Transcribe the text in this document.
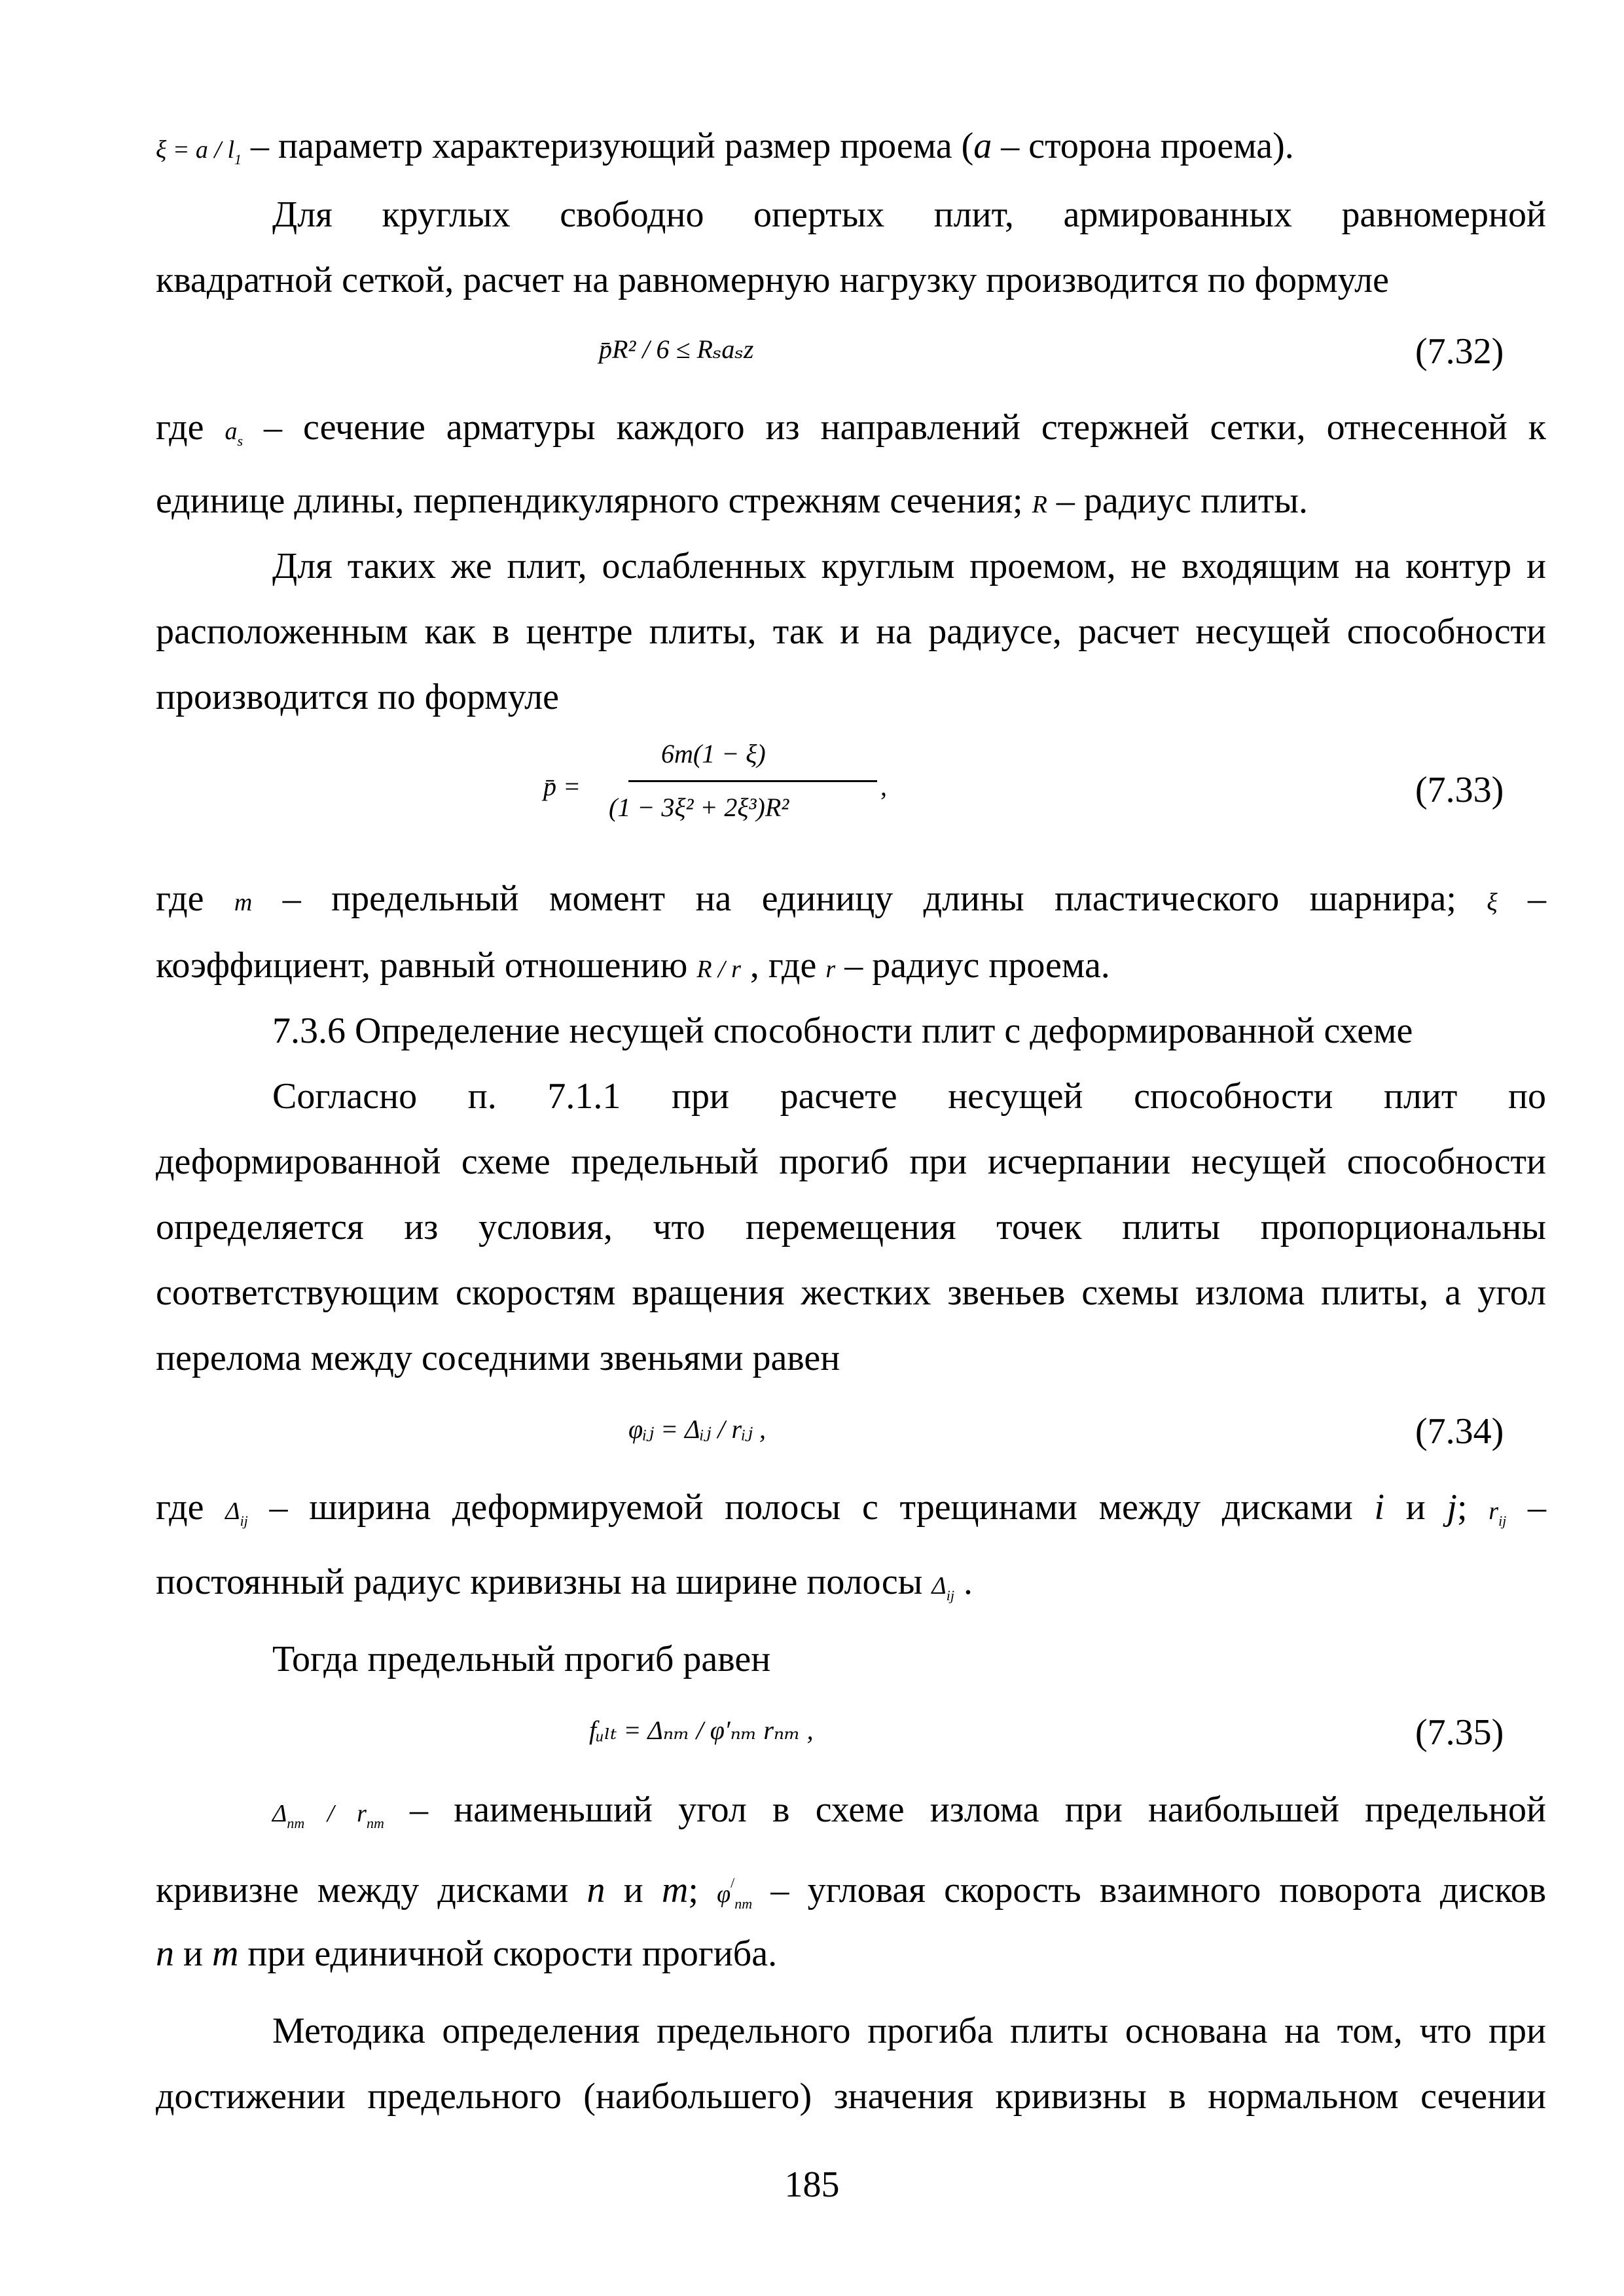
$\xi = a / l_1$ – параметр характеризующий размер проема (a – сторона проема).
Для круглых свободно опертых плит, армированных равномерной
квадратной сеткой, расчет на равномерную нагрузку производится по формуле
p̄R² / 6 ≤ Rₛaₛz	(7.32)
где $a_s$ – сечение арматуры каждого из направлений стержней сетки, отнесенной к
единице длины, перпендикулярного стрежням сечения; R – радиус плиты.
Для таких же плит, ослабленных круглым проемом, не входящим на контур и
расположенным как в центре плиты, так и на радиусе, расчет несущей способности
производится по формуле
p̄ =
6m(1 − ξ)
(1 − 3ξ² + 2ξ³)R²
,	(7.33)
где m – предельный момент на единицу длины пластического шарнира; ξ –
коэффициент, равный отношению R / r , где r – радиус проема.
7.3.6 Определение несущей способности плит с деформированной схеме
Согласно п. 7.1.1 при расчете несущей способности плит по
деформированной схеме предельный прогиб при исчерпании несущей способности
определяется из условия, что перемещения точек плиты пропорциональны
соответствующим скоростям вращения жестких звеньев схемы излома плиты, а угол
перелома между соседними звеньями равен
φᵢⱼ = Δᵢⱼ / rᵢⱼ ,	(7.34)
где $\Delta_{ij}$ – ширина деформируемой полосы с трещинами между дисками i и j; $r_{ij}$ –
постоянный радиус кривизны на ширине полосы $\Delta_{ij}$ .
Тогда предельный прогиб равен
fᵤₗₜ = Δₙₘ / φ′ₙₘ rₙₘ ,	(7.35)
$\Delta_{nm} / r_{nm}$ – наименьший угол в схеме излома при наибольшей предельной
кривизне между дисками n и m; $\varphi^/_{nm}$ – угловая скорость взаимного поворота дисков
n и m при единичной скорости прогиба.
Методика определения предельного прогиба плиты основана на том, что при
достижении предельного (наибольшего) значения кривизны в нормальном сечении
185
